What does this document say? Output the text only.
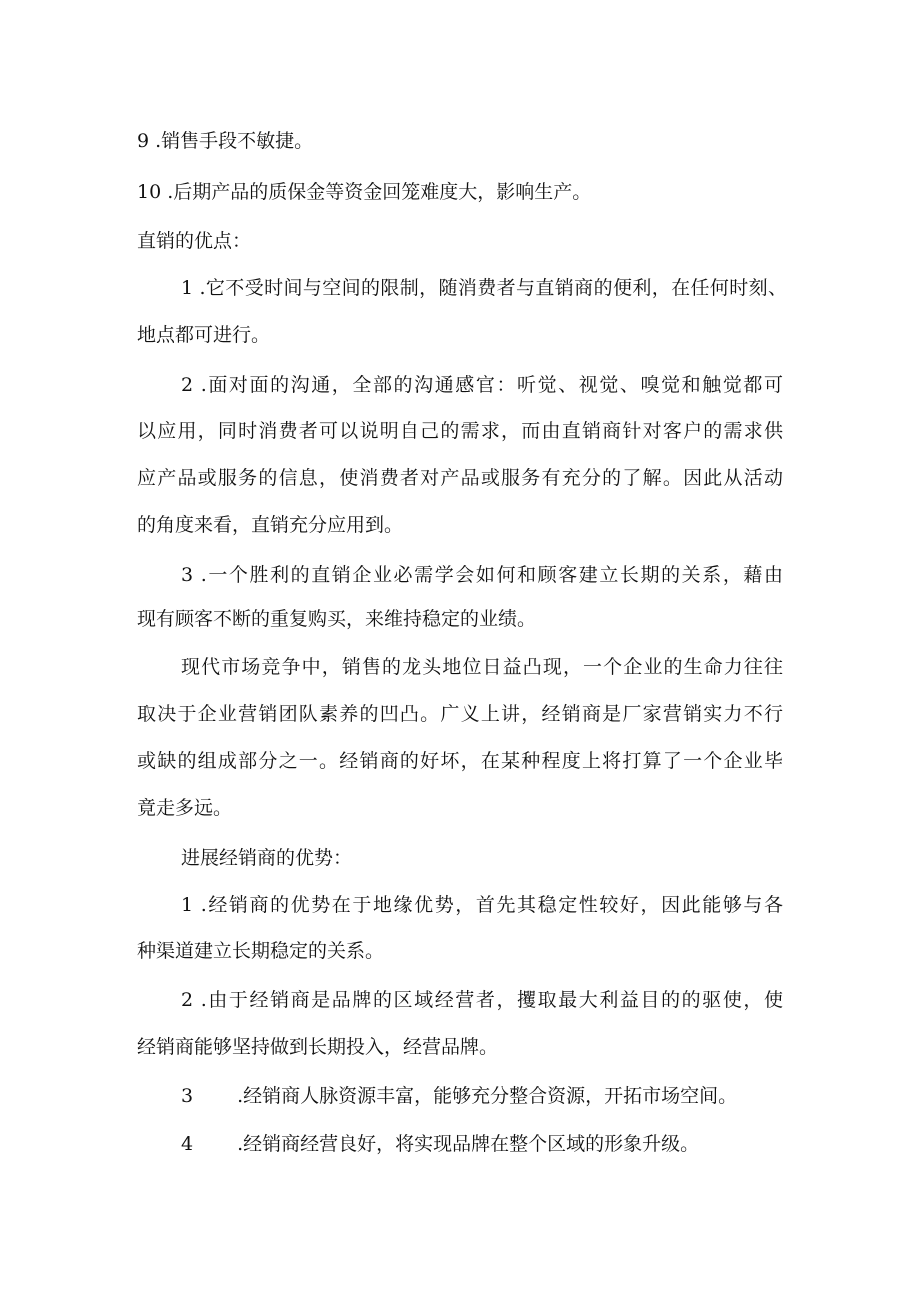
9 .销售手段不敏捷。
10 .后期产品的质保金等资金回笼难度大，影响生产。
直销的优点：
1 .它不受时间与空间的限制，随消费者与直销商的便利，在任何时刻、
地点都可进行。
2 .面对面的沟通，全部的沟通感官：听觉、视觉、嗅觉和触觉都可
以应用，同时消费者可以说明自己的需求，而由直销商针对客户的需求供
应产品或服务的信息，使消费者对产品或服务有充分的了解。因此从活动
的角度来看，直销充分应用到。
3 .一个胜利的直销企业必需学会如何和顾客建立长期的关系，藉由
现有顾客不断的重复购买，来维持稳定的业绩。
现代市场竞争中，销售的龙头地位日益凸现，一个企业的生命力往往
取决于企业营销团队素养的凹凸。广义上讲，经销商是厂家营销实力不行
或缺的组成部分之一。经销商的好坏，在某种程度上将打算了一个企业毕
竟走多远。
进展经销商的优势：
1 .经销商的优势在于地缘优势，首先其稳定性较好，因此能够与各
种渠道建立长期稳定的关系。
2 .由于经销商是品牌的区域经营者，攫取最大利益目的的驱使，使
经销商能够坚持做到长期投入，经营品牌。
3 .经销商人脉资源丰富，能够充分整合资源，开拓市场空间。
4 .经销商经营良好，将实现品牌在整个区域的形象升级。
